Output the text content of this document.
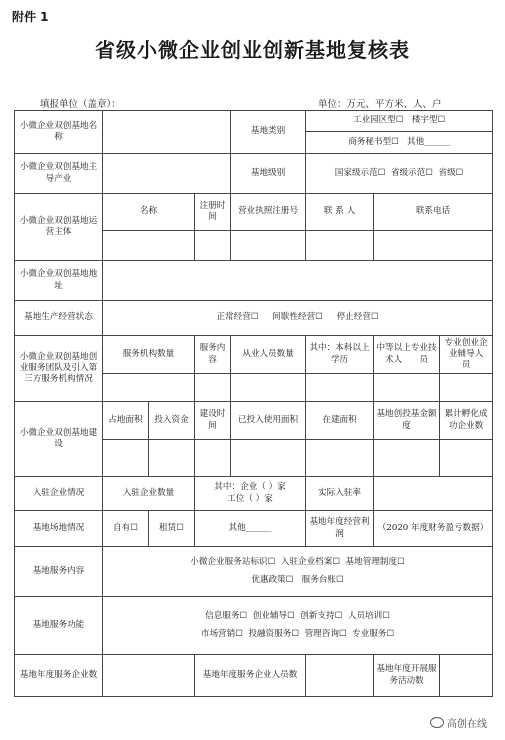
附件 1
省级小微企业创业创新基地复核表
填报单位（盖章）：	单位：万元、平方米、人、户
小微企业双创基地名称				基地类别	工业园区型☐ 楼宇型☐		
					商务秘书型☐ 其他______		
小微企业双创基地主导产业				基地级别	国家级示范☐ 省级示范☐ 省级☐		
小微企业双创基地运营主体	名称		注册时间	营业执照注册号	联 系 人	联系电话	

小微企业双创基地地址							
基地生产经营状态	正常经营☐ 间歇性经营☐ 停止经营☐						
小微企业双创基地创业服务团队及引入第三方服务机构情况	服务机构数量		服务内容	从业人员数量	其中：本科以上学历	中等以上专业技术人　　员	专业创业企业辅导人　　员

小微企业双创基地建设	占地面积	投入资金	建设时间	已投入使用面积	在建面积	基地创投基金额度	累计孵化成功企业数

入驻企业情况	入驻企业数量		其中：企业（ ）家
工位（ ）家		实际入驻率		
基地场地情况	自有☐	租赁☐	其他______		基地年度经营利润	（2020 年度财务盈亏数据）	
基地服务内容	小微企业服务站标识☐ 入驻企业档案☐ 基地管理制度☐
优惠政策☐ 服务台账☐						
基地服务功能	信息服务☐ 创业辅导☐ 创新支持☐ 人员培训☐
市场营销☐ 投融资服务☐ 管理咨询☐ 专业服务☐						
基地年度服务企业数			基地年度服务企业人员数			基地年度开展服务活动数	
高创在线
